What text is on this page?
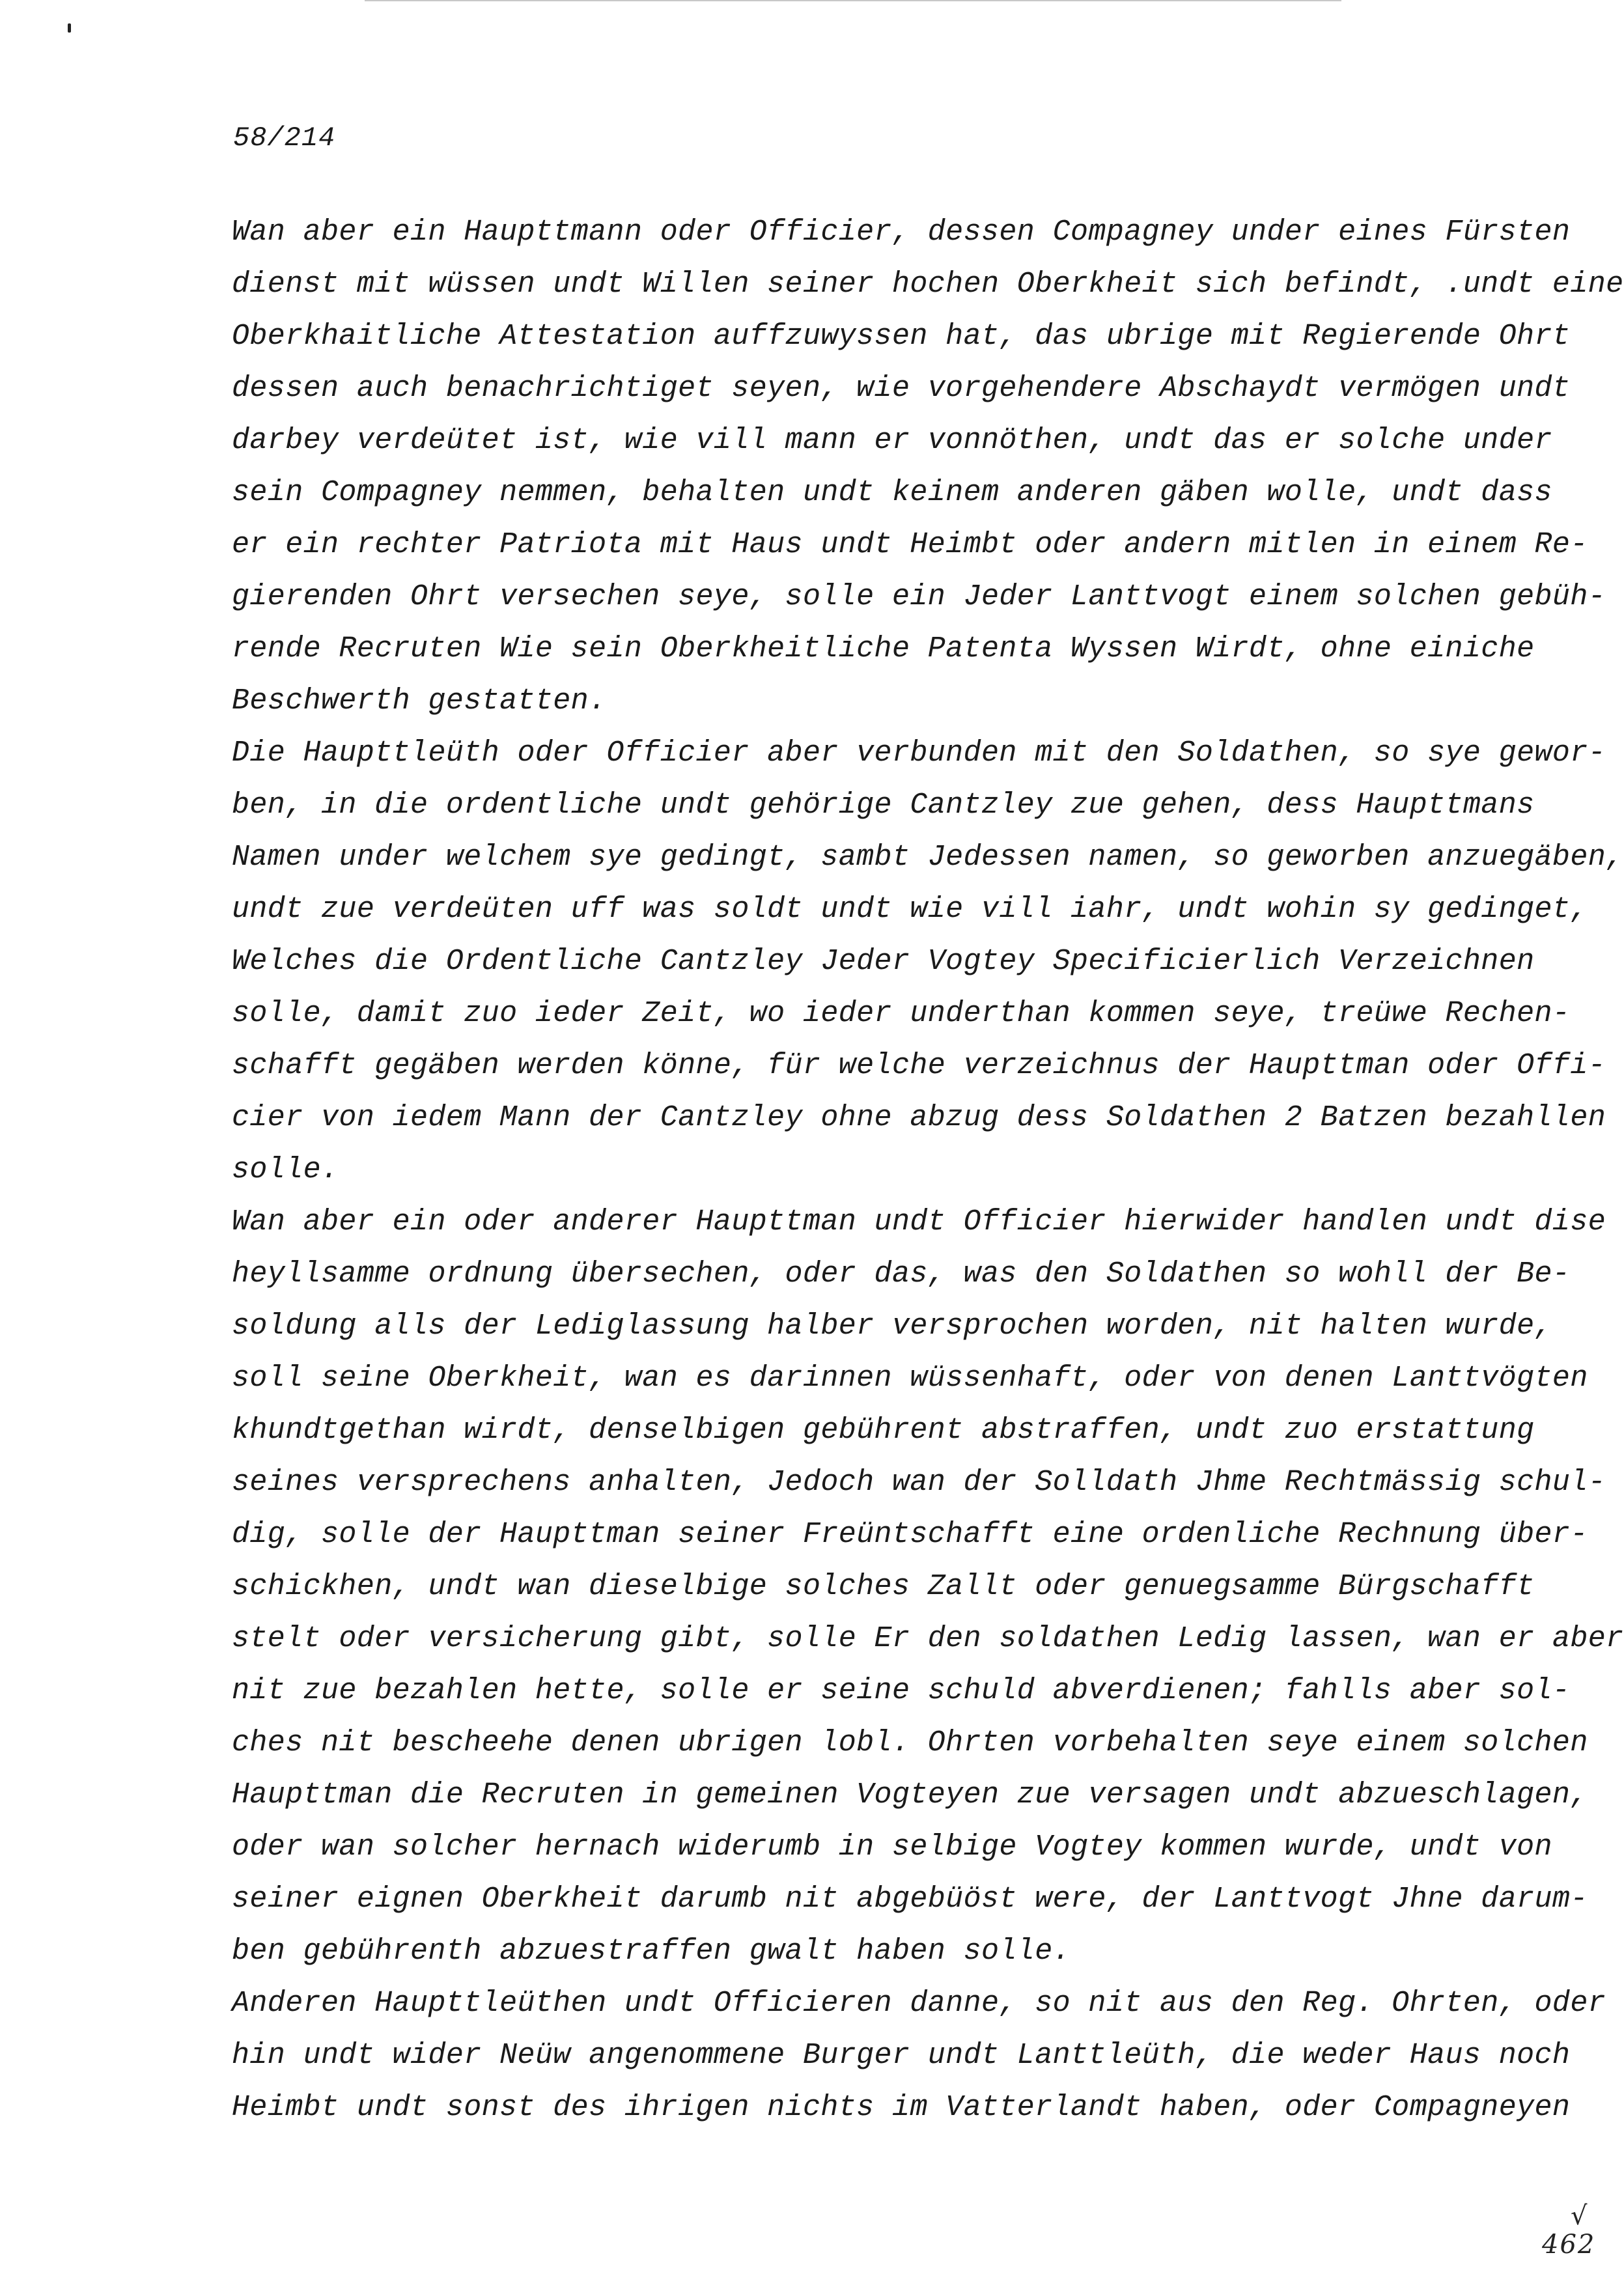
58/214
Wan aber ein Haupttmann oder Officier, dessen Compagney under eines Fürsten
dienst mit wüssen undt Willen seiner hochen Oberkheit sich befindt, .undt eine
Oberkhaitliche Attestation auffzuwyssen hat, das ubrige mit Regierende Ohrt
dessen auch benachrichtiget seyen, wie vorgehendere Abschaydt vermögen undt
darbey verdeütet ist, wie vill mann er vonnöthen, undt das er solche under
sein Compagney nemmen, behalten undt keinem anderen gäben wolle, undt dass
er ein rechter Patriota mit Haus undt Heimbt oder andern mitlen in einem Re-
gierenden Ohrt versechen seye, solle ein Jeder Lanttvogt einem solchen gebüh-
rende Recruten Wie sein Oberkheitliche Patenta Wyssen Wirdt, ohne einiche
Beschwerth gestatten.
Die Haupttleüth oder Officier aber verbunden mit den Soldathen, so sye gewor-
ben, in die ordentliche undt gehörige Cantzley zue gehen, dess Haupttmans
Namen under welchem sye gedingt, sambt Jedessen namen, so geworben anzuegäben,
undt zue verdeüten uff was soldt undt wie vill iahr, undt wohin sy gedinget,
Welches die Ordentliche Cantzley Jeder Vogtey Specificierlich Verzeichnen
solle, damit zuo ieder Zeit, wo ieder underthan kommen seye, treüwe Rechen-
schafft gegäben werden könne, für welche verzeichnus der Haupttman oder Offi-
cier von iedem Mann der Cantzley ohne abzug dess Soldathen 2 Batzen bezahllen
solle.
Wan aber ein oder anderer Haupttman undt Officier hierwider handlen undt dise
heyllsamme ordnung übersechen, oder das, was den Soldathen so wohll der Be-
soldung alls der Lediglassung halber versprochen worden, nit halten wurde,
soll seine Oberkheit, wan es darinnen wüssenhaft, oder von denen Lanttvögten
khundtgethan wirdt, denselbigen gebührent abstraffen, undt zuo erstattung
seines versprechens anhalten, Jedoch wan der Solldath Jhme Rechtmässig schul-
dig, solle der Haupttman seiner Freüntschafft eine ordenliche Rechnung über-
schickhen, undt wan dieselbige solches Zallt oder genuegsamme Bürgschafft
stelt oder versicherung gibt, solle Er den soldathen Ledig lassen, wan er aber
nit zue bezahlen hette, solle er seine schuld abverdienen; fahlls aber sol-
ches nit bescheehe denen ubrigen lobl. Ohrten vorbehalten seye einem solchen
Haupttman die Recruten in gemeinen Vogteyen zue versagen undt abzueschlagen,
oder wan solcher hernach widerumb in selbige Vogtey kommen wurde, undt von
seiner eignen Oberkheit darumb nit abgebüöst were, der Lanttvogt Jhne darum-
ben gebührenth abzuestraffen gwalt haben solle.
Anderen Haupttleüthen undt Officieren danne, so nit aus den Reg. Ohrten, oder
hin undt wider Neüw angenommene Burger undt Lanttleüth, die weder Haus noch
Heimbt undt sonst des ihrigen nichts im Vatterlandt haben, oder Compagneyen
√
462
